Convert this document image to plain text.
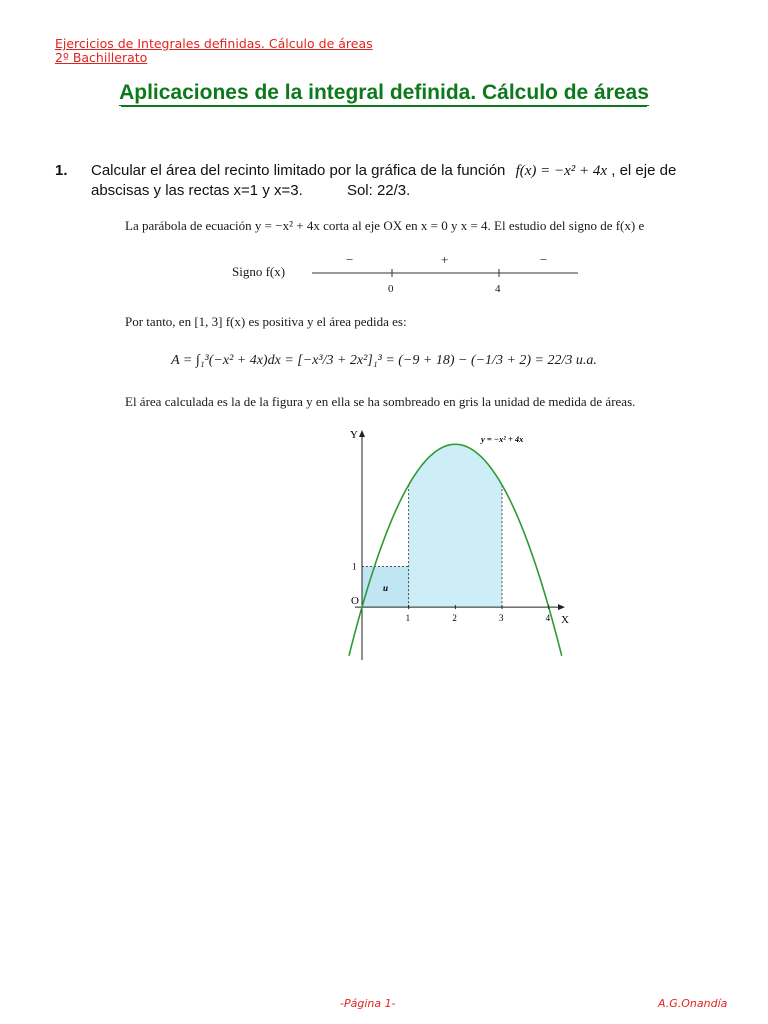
Ejercicios de Integrales definidas. Cálculo de áreas
2º Bachillerato
Aplicaciones de la integral definida. Cálculo de áreas
1. Calcular el área del recinto limitado por la gráfica de la función f(x) = −x² + 4x , el eje de
abscisas y las rectas x=1 y x=3.	Sol: 22/3.
La parábola de ecuación y = −x² + 4x corta al eje OX en x = 0 y x = 4. El estudio del signo de f(x) e
Signo f(x)
−	+	−
0	4
Por tanto, en [1, 3] f(x) es positiva y el área pedida es:
A = ∫₁³(−x² + 4x)dx = [−x³/3 + 2x²]₁³ = (−9 + 18) − (−1/3 + 2) = 22/3 u.a.
El área calculada es la de la figura y en ella se ha sombreado en gris la unidad de medida de áreas.
1	2	3	4
1
X
Y
O
u
y = −x² + 4x
-Página 1-	A.G.Onandía
